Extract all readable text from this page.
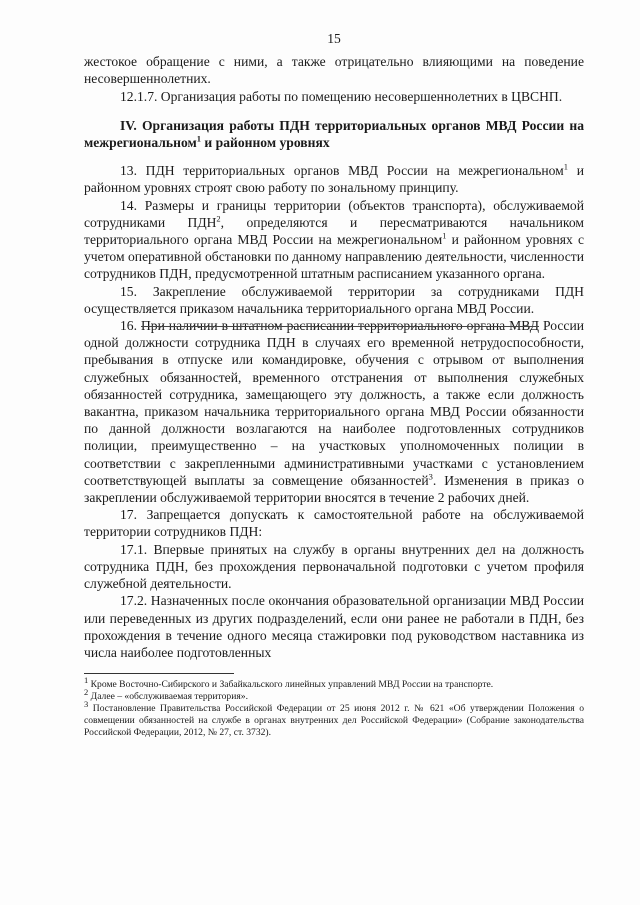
15

жестокое обращение с ними, а также отрицательно влияющими на поведение несовершеннолетних.

12.1.7. Организация работы по помещению несовершеннолетних в ЦВСНП.

IV. Организация работы ПДН территориальных органов МВД России на межрегиональном$^1$ и районном уровнях

13. ПДН территориальных органов МВД России на межрегиональном$^1$ и районном уровнях строят свою работу по зональному принципу.

14. Размеры и границы территории (объектов транспорта), обслуживаемой сотрудниками ПДН$^2$, определяются и пересматриваются начальником территориального органа МВД России на межрегиональном$^1$ и районном уровнях с учетом оперативной обстановки по данному направлению деятельности, численности сотрудников ПДН, предусмотренной штатным расписанием указанного органа.

15. Закрепление обслуживаемой территории за сотрудниками ПДН осуществляется приказом начальника территориального органа МВД России.

16. При наличии в штатном расписании территориального органа МВД России одной должности сотрудника ПДН в случаях его временной нетрудоспособности, пребывания в отпуске или командировке, обучения с отрывом от выполнения служебных обязанностей, временного отстранения от выполнения служебных обязанностей сотрудника, замещающего эту должность, а также если должность вакантна, приказом начальника территориального органа МВД России обязанности по данной должности возлагаются на наиболее подготовленных сотрудников полиции, преимущественно – на участковых уполномоченных полиции в соответствии с закрепленными административными участками с установлением соответствующей выплаты за совмещение обязанностей$^3$. Изменения в приказ о закреплении обслуживаемой территории вносятся в течение 2 рабочих дней.

17. Запрещается допускать к самостоятельной работе на обслуживаемой территории сотрудников ПДН:

17.1. Впервые принятых на службу в органы внутренних дел на должность сотрудника ПДН, без прохождения первоначальной подготовки с учетом профиля служебной деятельности.

17.2. Назначенных после окончания образовательной организации МВД России или переведенных из других подразделений, если они ранее не работали в ПДН, без прохождения в течение одного месяца стажировки под руководством наставника из числа наиболее подготовленных

$^1$ Кроме Восточно-Сибирского и Забайкальского линейных управлений МВД России на транспорте.

$^2$ Далее – «обслуживаемая территория».

$^3$ Постановление Правительства Российской Федерации от 25 июня 2012 г. № 621 «Об утверждении Положения о совмещении обязанностей на службе в органах внутренних дел Российской Федерации» (Собрание законодательства Российской Федерации, 2012, № 27, ст. 3732).
